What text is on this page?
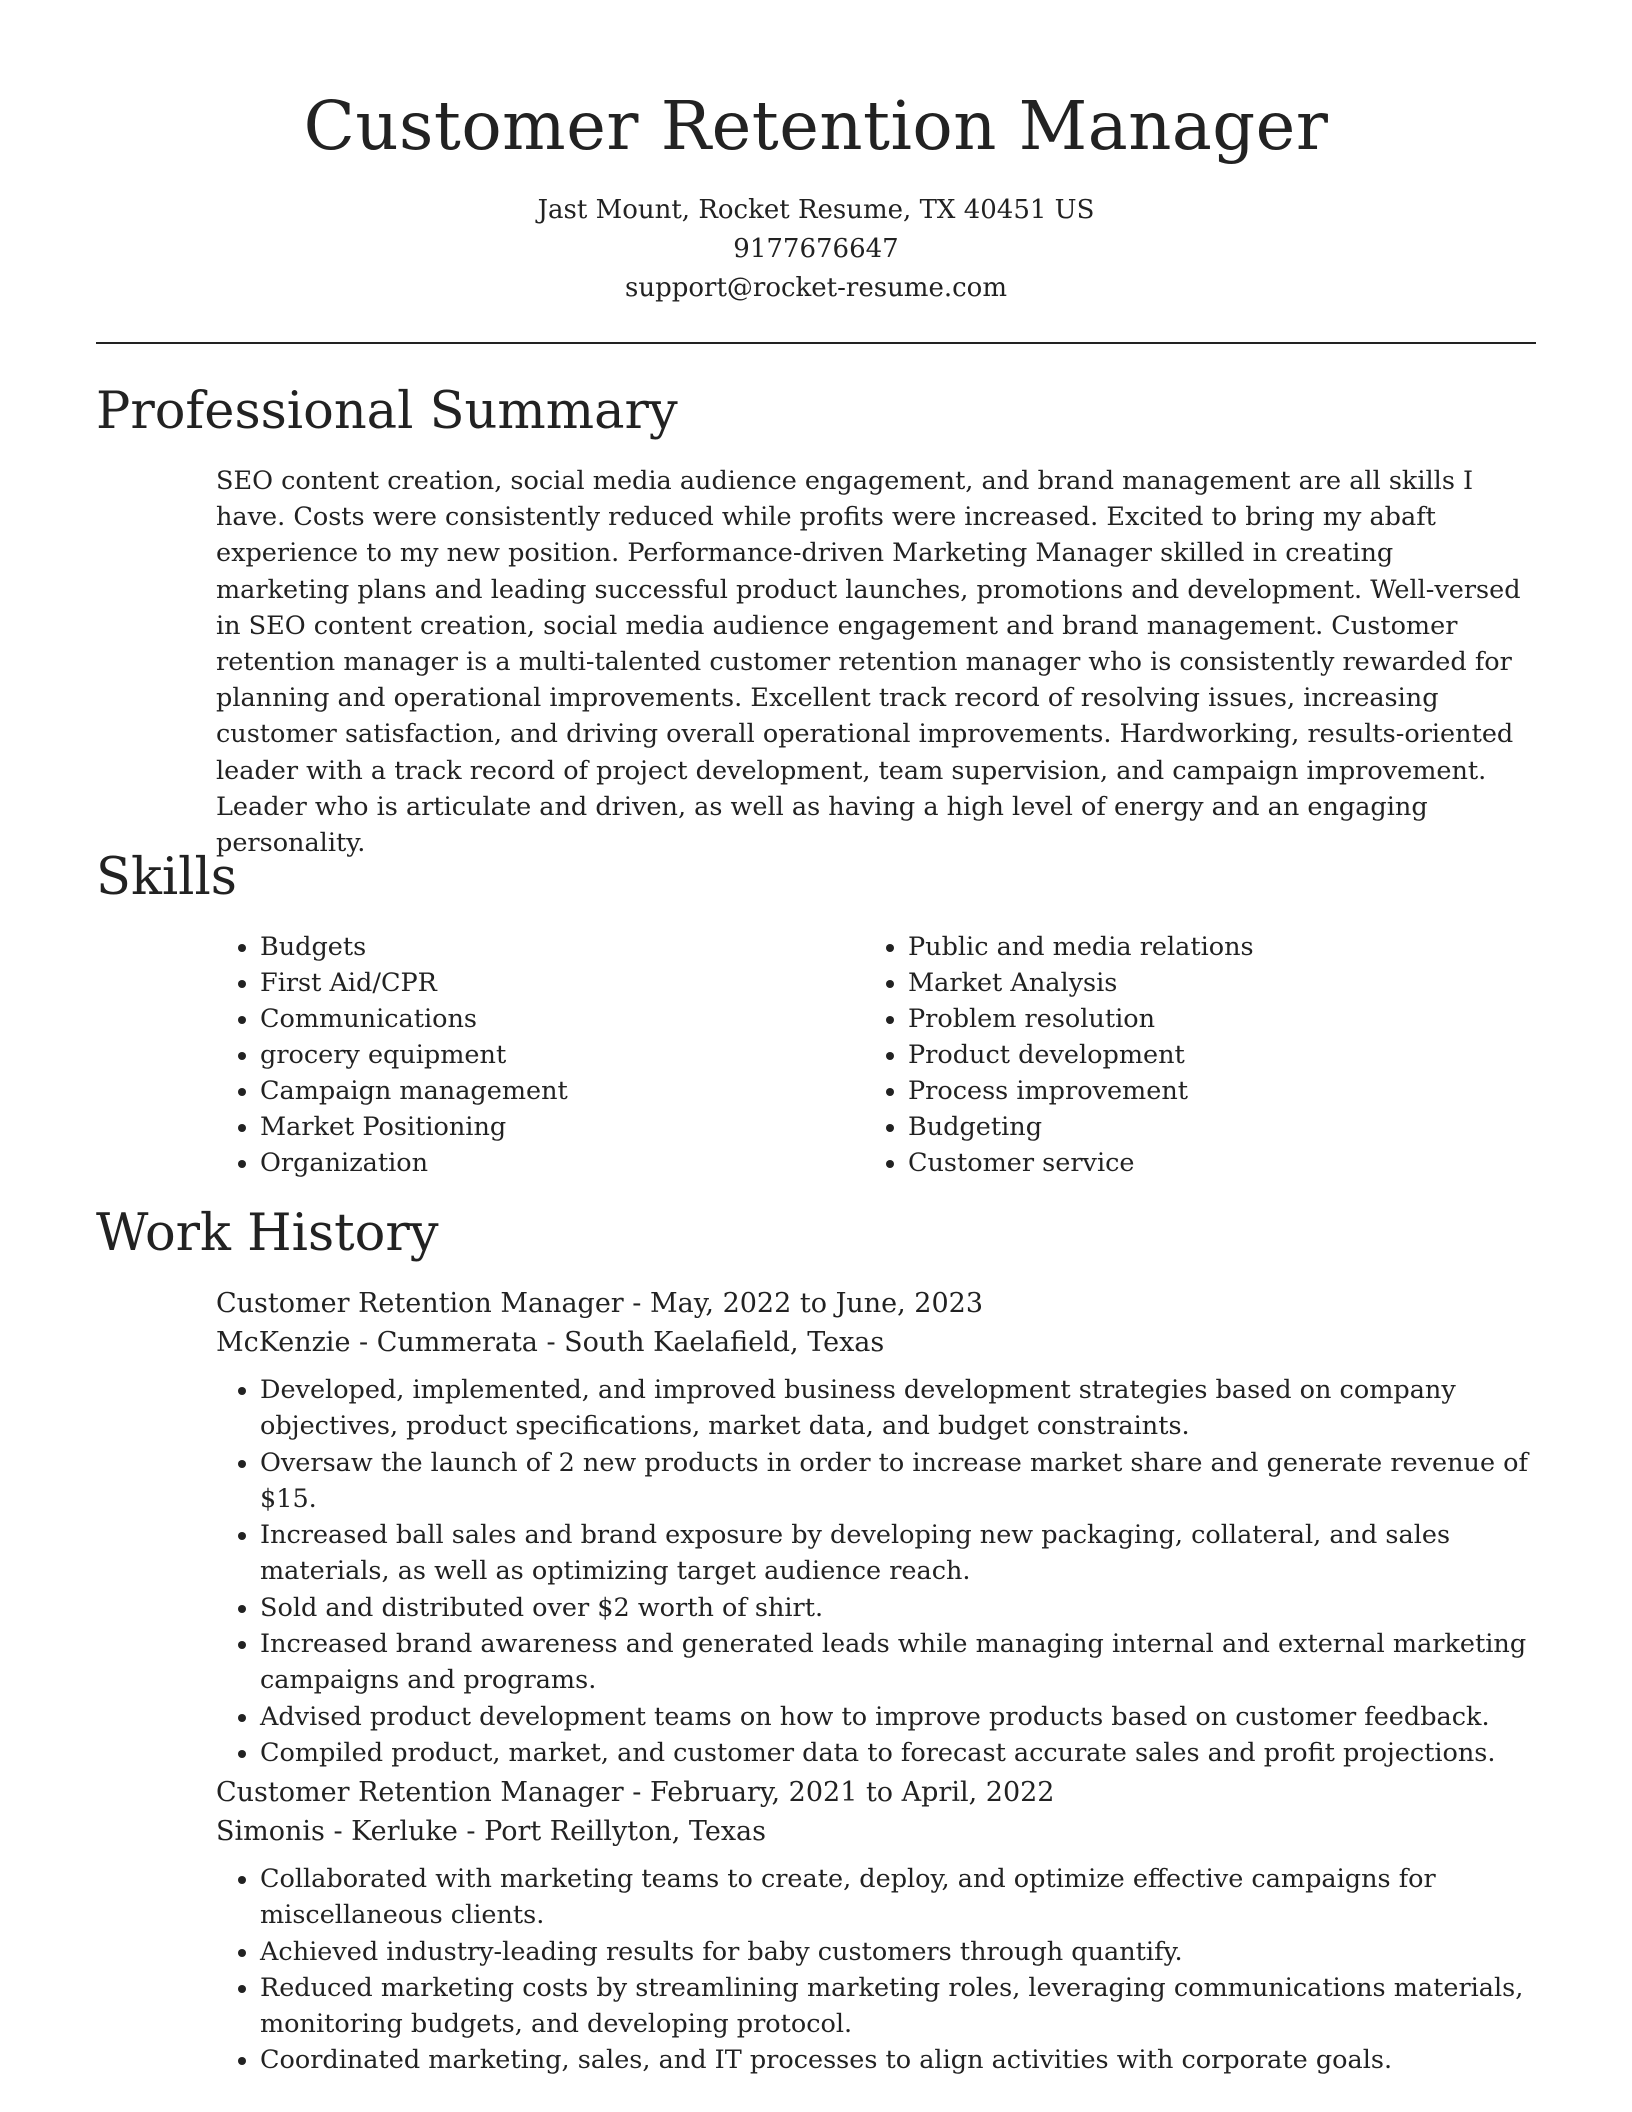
Customer Retention Manager
Jast Mount, Rocket Resume, TX 40451 US
9177676647
support@rocket-resume.com
Professional Summary

SEO content creation, social media audience engagement, and brand management are all skills I have. Costs were consistently reduced while profits were increased. Excited to bring my abaft experience to my new position. Performance-driven Marketing Manager skilled in creating marketing plans and leading successful product launches, promotions and development. Well-versed in SEO content creation, social media audience engagement and brand management. Customer retention manager is a multi-talented customer retention manager who is consistently rewarded for planning and operational improvements. Excellent track record of resolving issues, increasing customer satisfaction, and driving overall operational improvements. Hardworking, results-oriented leader with a track record of project development, team supervision, and campaign improvement. Leader who is articulate and driven, as well as having a high level of energy and an engaging personality.

Skills
• Budgets
• First Aid/CPR
• Communications
• grocery equipment
• Campaign management
• Market Positioning
• Organization
• Public and media relations
• Market Analysis
• Problem resolution
• Product development
• Process improvement
• Budgeting
• Customer service
Work History
Customer Retention Manager - May, 2022 to June, 2023
McKenzie - Cummerata - South Kaelafield, Texas
• Developed, implemented, and improved business development strategies based on company objectives, product specifications, market data, and budget constraints.
• Oversaw the launch of 2 new products in order to increase market share and generate revenue of $15.
• Increased ball sales and brand exposure by developing new packaging, collateral, and sales materials, as well as optimizing target audience reach.
• Sold and distributed over $2 worth of shirt.
• Increased brand awareness and generated leads while managing internal and external marketing campaigns and programs.
• Advised product development teams on how to improve products based on customer feedback.
• Compiled product, market, and customer data to forecast accurate sales and profit projections.
Customer Retention Manager - February, 2021 to April, 2022
Simonis - Kerluke - Port Reillyton, Texas
• Collaborated with marketing teams to create, deploy, and optimize effective campaigns for miscellaneous clients.
• Achieved industry-leading results for baby customers through quantify.
• Reduced marketing costs by streamlining marketing roles, leveraging communications materials, monitoring budgets, and developing protocol.
• Coordinated marketing, sales, and IT processes to align activities with corporate goals.
